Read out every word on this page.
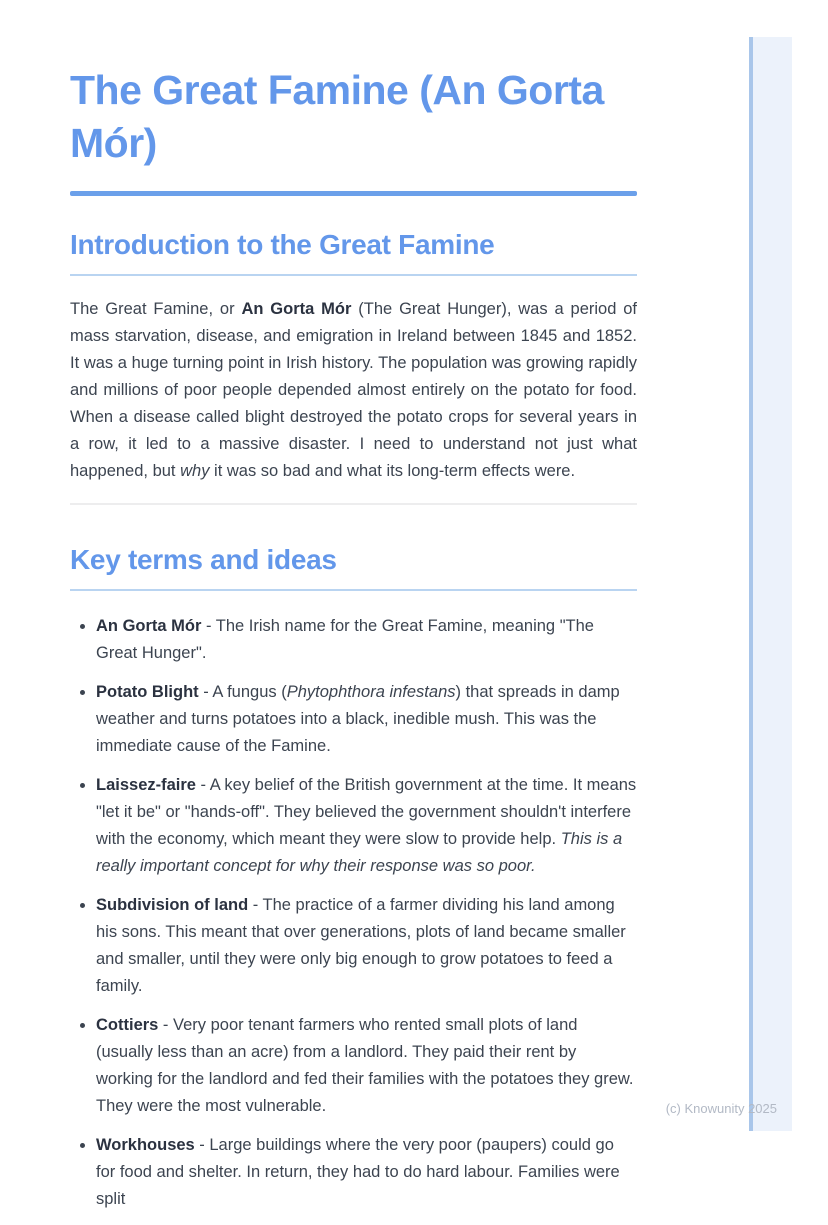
The Great Famine (An Gorta Mór)
Introduction to the Great Famine

The Great Famine, or An Gorta Mór (The Great Hunger), was a period of mass starvation, disease, and emigration in Ireland between 1845 and 1852. It was a huge turning point in Irish history. The population was growing rapidly and millions of poor people depended almost entirely on the potato for food. When a disease called blight destroyed the potato crops for several years in a row, it led to a massive disaster. I need to understand not just what happened, but why it was so bad and what its long-term effects were.

Key terms and ideas
• An Gorta Mór - The Irish name for the Great Famine, meaning "The Great Hunger".
• Potato Blight - A fungus (Phytophthora infestans) that spreads in damp weather and turns potatoes into a black, inedible mush. This was the immediate cause of the Famine.
• Laissez-faire - A key belief of the British government at the time. It means "let it be" or "hands-off". They believed the government shouldn't interfere with the economy, which meant they were slow to provide help. This is a really important concept for why their response was so poor.
• Subdivision of land - The practice of a farmer dividing his land among his sons. This meant that over generations, plots of land became smaller and smaller, until they were only big enough to grow potatoes to feed a family.
• Cottiers - Very poor tenant farmers who rented small plots of land (usually less than an acre) from a landlord. They paid their rent by working for the landlord and fed their families with the potatoes they grew. They were the most vulnerable.
• Workhouses - Large buildings where the very poor (paupers) could go for food and shelter. In return, they had to do hard labour. Families were split
(c) Knowunity 2025
